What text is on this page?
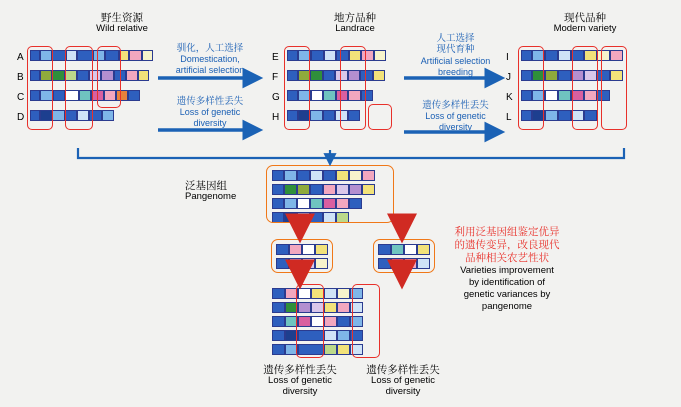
野生资源
Wild relative
地方品种
Landrace
现代品种
Modern variety
A
B
C
D
E
F
G
H
I
J
K
L
驯化，人工选择
Domestication,
artificial selection
遗传多样性丢失
Loss of genetic
diversity
人工选择
现代育种
Artificial selection
breeding
遗传多样性丢失
Loss of genetic
diversity
泛基因组
Pangenome
利用泛基因组鉴定优异
的遗传变异，改良现代
品种相关农艺性状
Varieties improvement
by identification of
genetic variances by
pangenome
遗传多样性丢失
Loss of genetic
diversity
遗传多样性丢失
Loss of genetic
diversity
